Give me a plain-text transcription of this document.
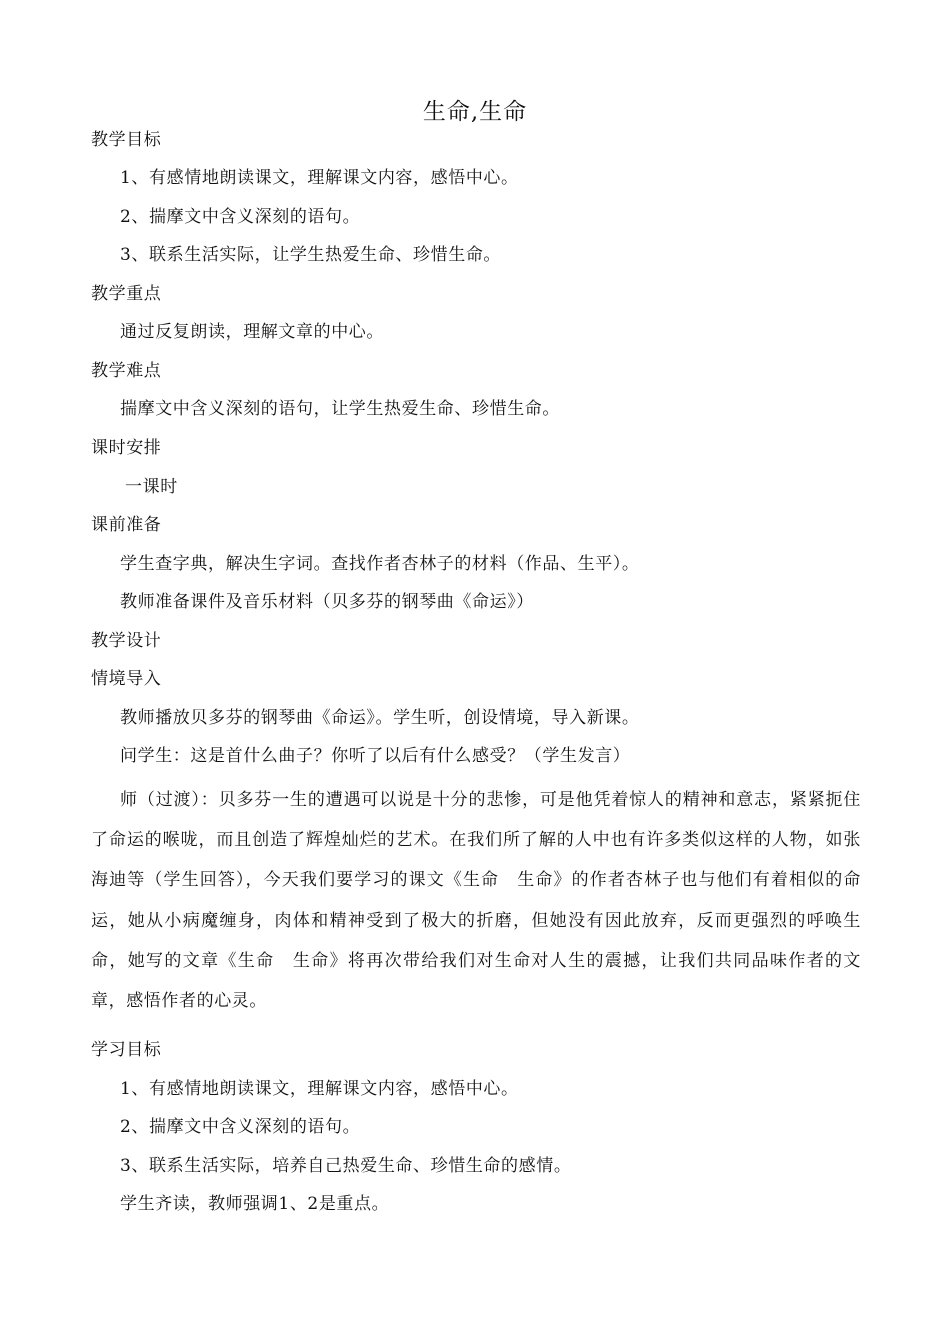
生命,生命
教学目标
1、有感情地朗读课文，理解课文内容，感悟中心。
2、揣摩文中含义深刻的语句。
3、联系生活实际，让学生热爱生命、珍惜生命。
教学重点
通过反复朗读，理解文章的中心。
教学难点
揣摩文中含义深刻的语句，让学生热爱生命、珍惜生命。
课时安排
一课时
课前准备
学生查字典，解决生字词。查找作者杏林子的材料（作品、生平）。
教师准备课件及音乐材料（贝多芬的钢琴曲《命运》）
教学设计
情境导入
教师播放贝多芬的钢琴曲《命运》。学生听，创设情境，导入新课。
问学生：这是首什么曲子？你听了以后有什么感受？（学生发言）

师（过渡）：贝多芬一生的遭遇可以说是十分的悲惨，可是他凭着惊人的精神和意志，紧紧扼住了命运的喉咙，而且创造了辉煌灿烂的艺术。在我们所了解的人中也有许多类似这样的人物，如张海迪等（学生回答），今天我们要学习的课文《生命　生命》的作者杏林子也与他们有着相似的命运，她从小病魔缠身，肉体和精神受到了极大的折磨，但她没有因此放弃，反而更强烈的呼唤生命，她写的文章《生命　生命》将再次带给我们对生命对人生的震撼，让我们共同品味作者的文章，感悟作者的心灵。

学习目标
1、有感情地朗读课文，理解课文内容，感悟中心。
2、揣摩文中含义深刻的语句。
3、联系生活实际，培养自己热爱生命、珍惜生命的感情。
学生齐读，教师强调1、2是重点。
